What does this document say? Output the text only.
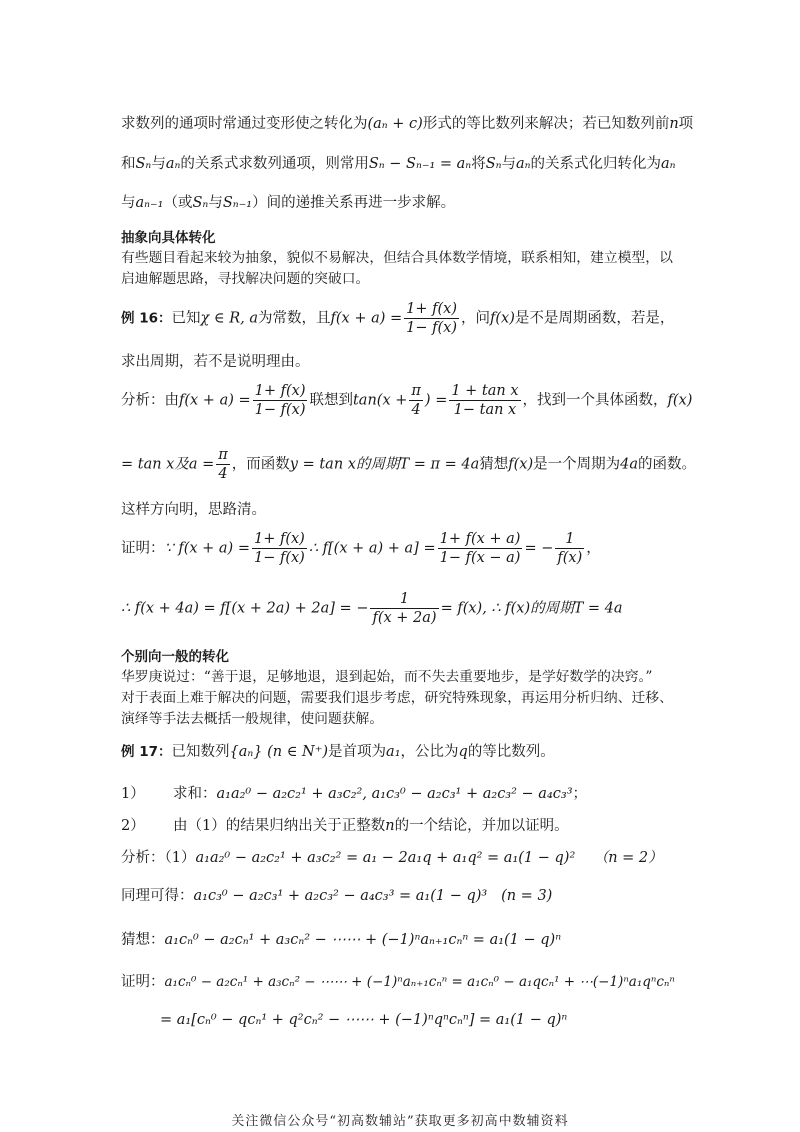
求数列的通项时常通过变形使之转化为(aₙ + c)形式的等比数列来解决；若已知数列前n项
和Sₙ与aₙ的关系式求数列通项，则常用Sₙ − Sₙ₋₁ = aₙ将Sₙ与aₙ的关系式化归转化为aₙ
与aₙ₋₁（或Sₙ与Sₙ₋₁）间的递推关系再进一步求解。
抽象向具体转化
有些题目看起来较为抽象，貌似不易解决，但结合具体数学情境，联系相知，建立模型，以
启迪解题思路，寻找解决问题的突破口。
例 16：已知χ ∈ R, a为常数，且$f(x + a) = \frac{1+ f(x)}{1- f(x)}$ ，问f(x)是不是周期函数，若是，
求出周期，若不是说明理由。
分析：由$f(x + a) = \frac{1+ f(x)}{1- f(x)}$ 联想到$\tan(x + \frac{\pi}{4}$ ) = $\frac{\text{1 + tan x}}{\text{1− tan x}}$ ，找到一个具体函数，f(x)
= tan x及$a = \frac{\pi}{4}$ ，而函数y = tan x的周期T = π = 4a猜想f(x)是一个周期为4a的函数。
这样方向明，思路清。
证明：∵ $f(x + a) = \frac{1+ f(x)}{1- f(x)}$ ∴ $f[(x + a) + a] = \frac{1+ f(x + a)}{1- f(x - a)}$ = − $\frac{1}{f(x)}$ ，
∴ f(x + 4a) = f[(x + 2a) + 2a] = − $\frac{1}{f(x + 2a)} = f(x)$, ∴ f(x)的周期T = 4a
个别向一般的转化
华罗庚说过：“善于退，足够地退，退到起始，而不失去重要地步，是学好数学的决窍。”
对于表面上难于解决的问题，需要我们退步考虑，研究特殊现象，再运用分析归纳、迁移、
演绎等手法去概括一般规律，使问题获解。
例 17：已知数列{aₙ} (n ∈ N⁺)是首项为a₁，公比为q的等比数列。
1） 求和：a₁a₂⁰ − a₂c₂¹ + a₃c₂², a₁c₃⁰ − a₂c₃¹ + a₂c₃² − a₄c₃³；
2） 由（1）的结果归纳出关于正整数n的一个结论，并加以证明。
分析：（1）a₁a₂⁰ − a₂c₂¹ + a₃c₂² = a₁ − 2a₁q + a₁q² = a₁(1 − q)² （n = 2）
同理可得：a₁c₃⁰ − a₂c₃¹ + a₂c₃² − a₄c₃³ = a₁(1 − q)³ (n = 3)
猜想：a₁cₙ⁰ − a₂cₙ¹ + a₃cₙ² − ⋯⋯ + (−1)ⁿaₙ₊₁cₙⁿ = a₁(1 − q)ⁿ
证明：a₁cₙ⁰ − a₂cₙ¹ + a₃cₙ² − ⋯⋯ + (−1)ⁿaₙ₊₁cₙⁿ = a₁cₙ⁰ − a₁qcₙ¹ + ⋯(−1)ⁿa₁qⁿcₙⁿ
= a₁[cₙ⁰ − qcₙ¹ + q²cₙ² − ⋯⋯ + (−1)ⁿqⁿcₙⁿ] = a₁(1 − q)ⁿ
关注微信公众号“初高数辅站”获取更多初高中数辅资料
